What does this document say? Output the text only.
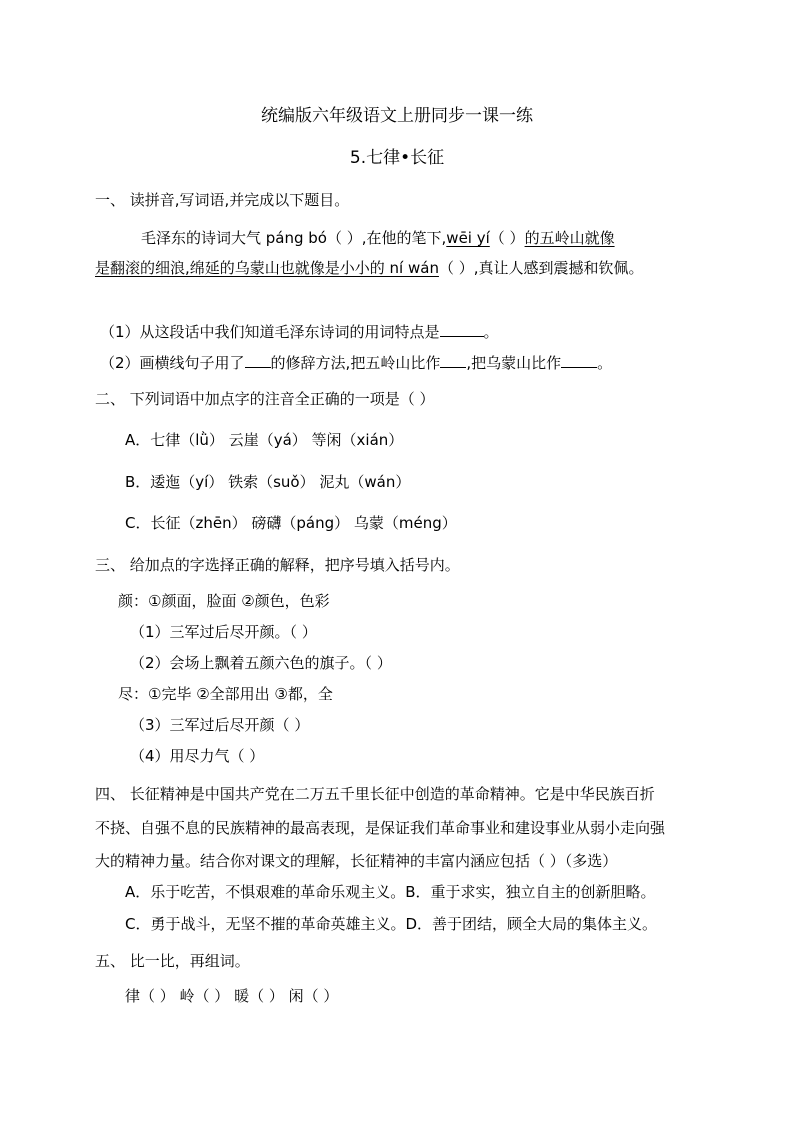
统编版六年级语文上册同步一课一练
5.七律•长征
一、 读拼音,写词语,并完成以下题目。
毛泽东的诗词大气 páng bó（ ）,在他的笔下,wēi yí（ ）的五岭山就像
是翻滚的细浪,绵延的乌蒙山也就像是小小的 ní wán（ ）,真让人感到震撼和钦佩。
（1）从这段话中我们知道毛泽东诗词的用词特点是	。
（2）画横线句子用了 的修辞方法,把五岭山比作 ,把乌蒙山比作 。
二、 下列词语中加点字的注音全正确的一项是（ ）
A．七律（lǜ） 云崖（yá） 等闲（xián）
B．逶迤（yí） 铁索（suǒ） 泥丸（wán）
C．长征（zhēn） 磅礴（páng） 乌蒙（méng）
三、 给加点的字选择正确的解释，把序号填入括号内。
颜：①颜面，脸面 ②颜色，色彩
（1）三军过后尽开颜。（ ）
（2）会场上飘着五颜六色的旗子。（ ）
尽：①完毕 ②全部用出 ③都，全
（3）三军过后尽开颜（ ）
（4）用尽力气（ ）
四、 长征精神是中国共产党在二万五千里长征中创造的革命精神。它是中华民族百折
不挠、自强不息的民族精神的最高表现，是保证我们革命事业和建设事业从弱小走向强
大的精神力量。结合你对课文的理解，长征精神的丰富内涵应包括（ ）（多选）
A．乐于吃苦，不惧艰难的革命乐观主义。B．重于求实，独立自主的创新胆略。
C．勇于战斗，无坚不摧的革命英雄主义。D．善于团结，顾全大局的集体主义。
五、 比一比，再组词。
律（ ） 岭（ ） 暖（ ） 闲（ ）
